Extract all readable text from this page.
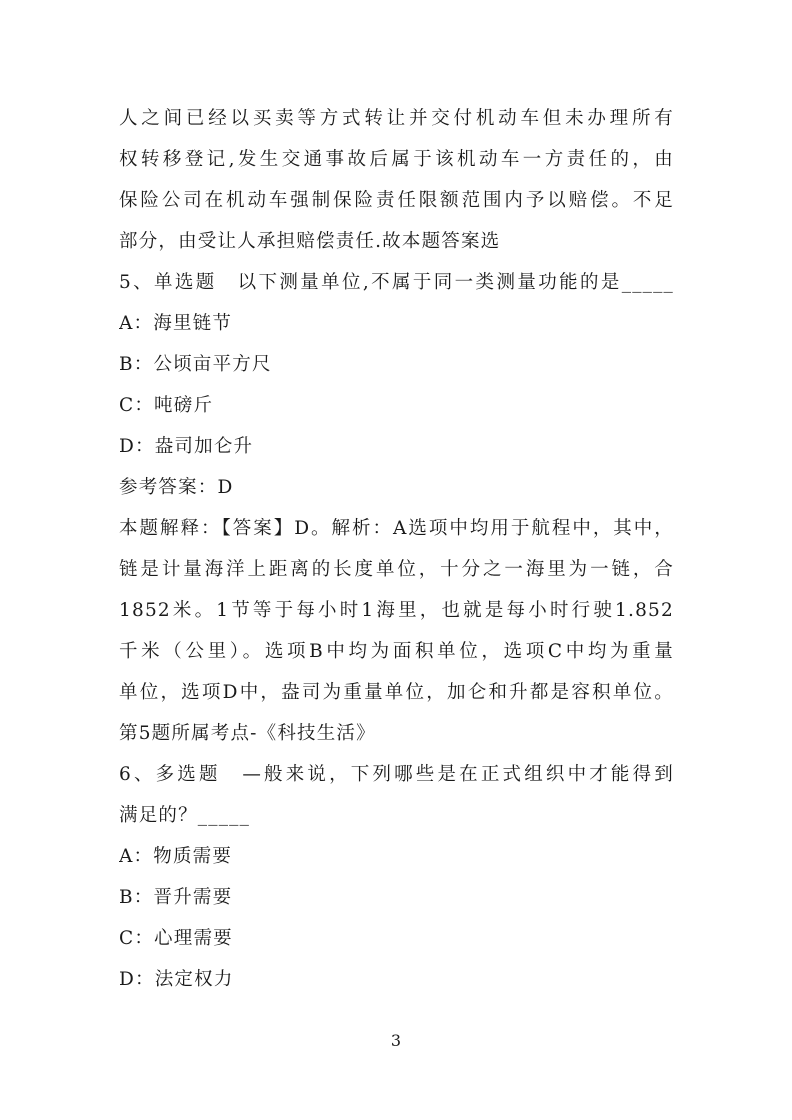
人之间已经以买卖等方式转让并交付机动车但未办理所有
权转移登记,发生交通事故后属于该机动车一方责任的，由
保险公司在机动车强制保险责任限额范围内予以赔偿。不足
部分，由受让人承担赔偿责任.故本题答案选
5、单选题　以下测量单位,不属于同一类测量功能的是_____
A：海里链节
B：公顷亩平方尺
C：吨磅斤
D：盎司加仑升
参考答案：D
本题解释：【答案】D。解析：A选项中均用于航程中，其中，
链是计量海洋上距离的长度单位，十分之一海里为一链，合
1852米。1节等于每小时1海里，也就是每小时行驶1.852
千米（公里）。选项B中均为面积单位，选项C中均为重量
单位，选项D中，盎司为重量单位，加仑和升都是容积单位。
第5题所属考点-《科技生活》
6、多选题　—般来说，下列哪些是在正式组织中才能得到
满足的？_____
A：物质需要
B：晋升需要
C：心理需要
D：法定权力
3
